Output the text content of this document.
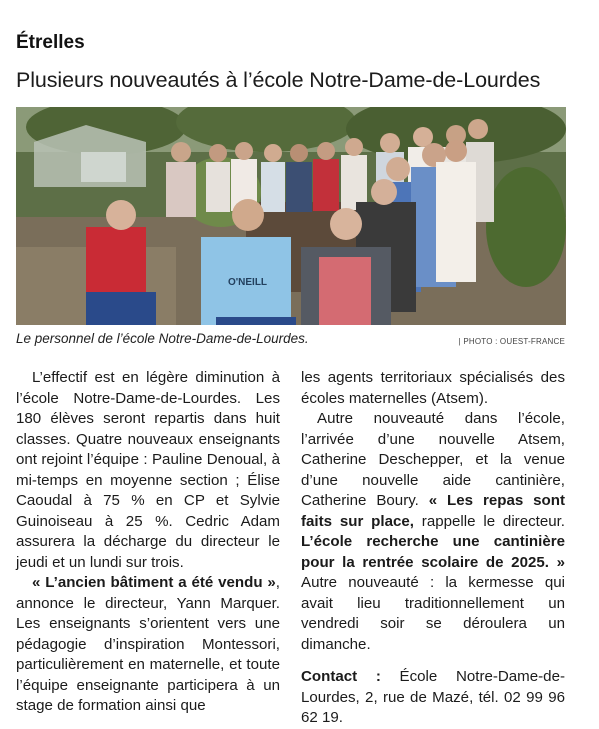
Étrelles
Plusieurs nouveautés à l’école Notre-Dame-de-Lourdes
O'NEILL
Le personnel de l’école Notre-Dame-de-Lourdes.	| PHOTO : OUEST-FRANCE

L’effectif est en légère diminution à l’école Notre-Dame-de-Lourdes. Les 180 élèves seront repartis dans huit classes. Quatre nouveaux enseignants ont rejoint l’équipe : Pauline Denoual, à mi-temps en moyenne section ; Élise Caoudal à 75 % en CP et Sylvie Guinoiseau à 25 %. Cedric Adam assurera la décharge du directeur le jeudi et un lundi sur trois.

« L’ancien bâtiment a été vendu », annonce le directeur, Yann Marquer. Les enseignants s’orientent vers une pédagogie d’inspiration Montessori, particulièrement en maternelle, et toute l’équipe enseignante participera à un stage de formation ainsi que

les agents territoriaux spécialisés des écoles maternelles (Atsem).

Autre nouveauté dans l’école, l’arrivée d’une nouvelle Atsem, Catherine Deschepper, et la venue d’une nouvelle aide cantinière, Catherine Boury. « Les repas sont faits sur place, rappelle le directeur. L’école recherche une cantinière pour la rentrée scolaire de 2025. » Autre nouveauté : la kermesse qui avait lieu traditionnellement un vendredi soir se déroulera un dimanche.

Contact : École Notre-Dame-de-Lourdes, 2, rue de Mazé, tél. 02 99 96 62 19.
